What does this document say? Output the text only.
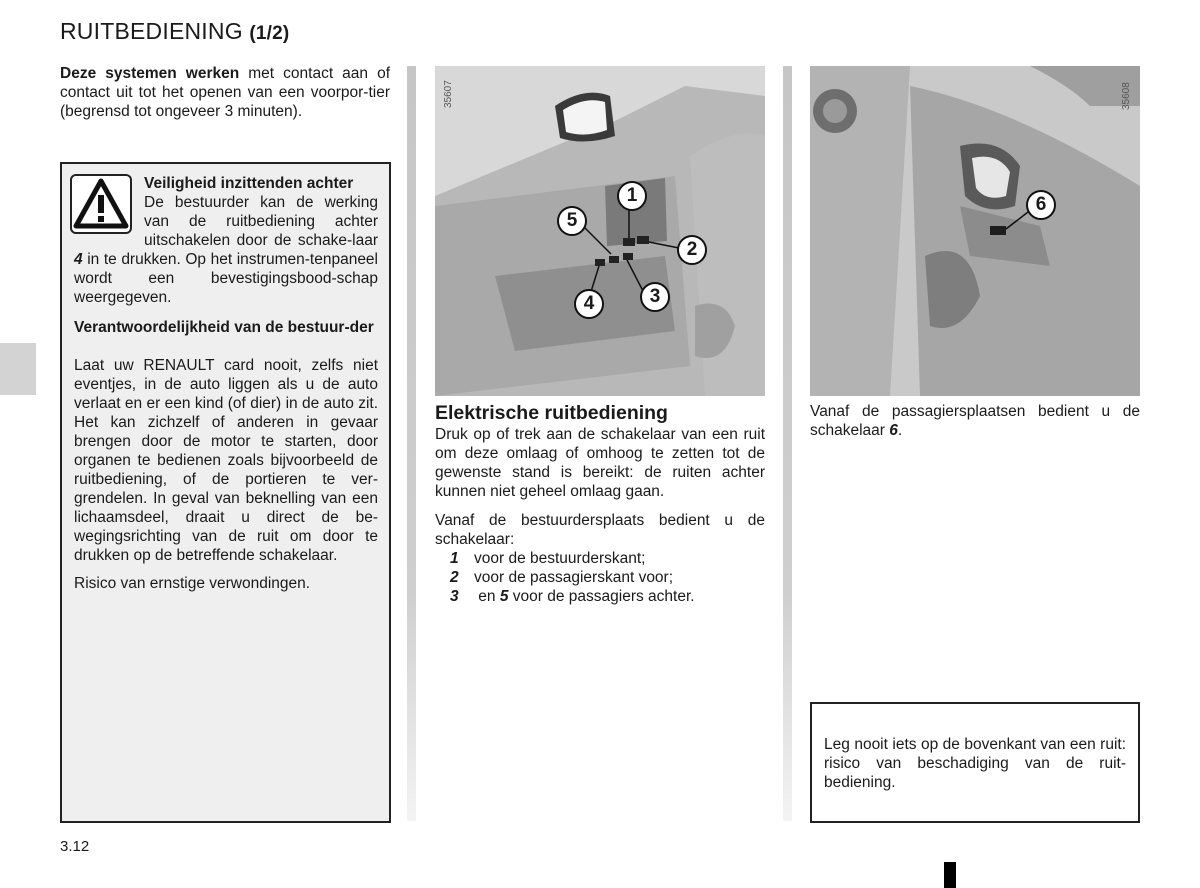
RUITBEDIENING (1/2)
Deze systemen werken met contact aan of contact uit tot het openen van een voorpor-tier (begrensd tot ongeveer 3 minuten).
Veiligheid inzittenden achter
De bestuurder kan de werking van de ruitbediening achter uitschakelen door de schake-laar 4 in te drukken. Op het instrumen-tenpaneel wordt een bevestigingsbood-schap weergegeven.
Verantwoordelijkheid van de bestuur-der
Laat uw RENAULT card nooit, zelfs niet eventjes, in de auto liggen als u de auto verlaat en er een kind (of dier) in de auto zit. Het kan zichzelf of anderen in gevaar brengen door de motor te starten, door organen te bedienen zoals bijvoorbeeld de ruitbediening, of de portieren te ver-grendelen. In geval van beknelling van een lichaamsdeel, draait u direct de be-wegingsrichting van de ruit om door te drukken op de betreffende schakelaar.
Risico van ernstige verwondingen.
1
2
3
4
5
35607
Elektrische ruitbediening
Druk op of trek aan de schakelaar van een ruit om deze omlaag of omhoog te zetten tot de gewenste stand is bereikt: de ruiten achter kunnen niet geheel omlaag gaan.
Vanaf de bestuurdersplaats bedient u de schakelaar:
1 voor de bestuurderskant;
2 voor de passagierskant voor;
3 en 5 voor de passagiers achter.
6
35608
Vanaf de passagiersplaatsen bedient u de schakelaar 6.
Leg nooit iets op de bovenkant van een ruit: risico van beschadiging van de ruit-bediening.
3.12
